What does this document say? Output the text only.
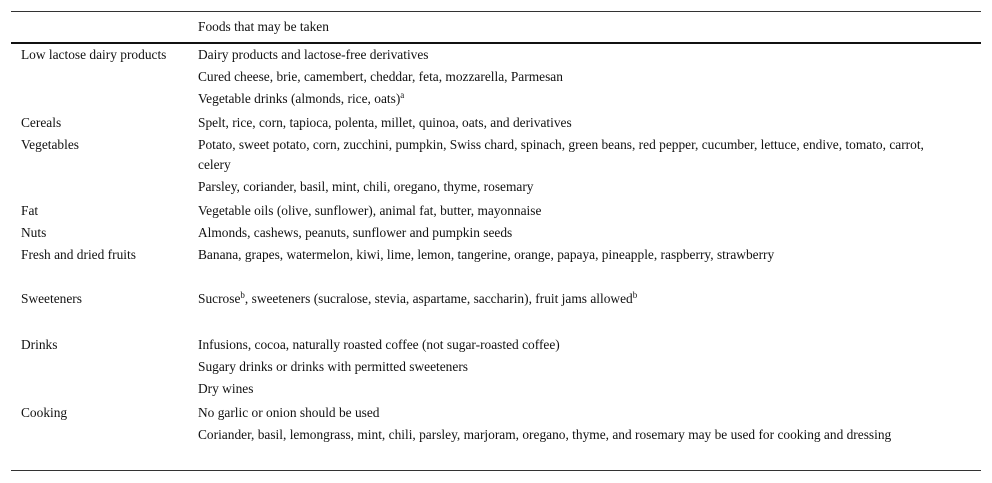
Foods that may be taken
Low lactose dairy products	Dairy products and lactose-free derivatives
Cured cheese, brie, camembert, cheddar, feta, mozzarella, Parmesan
Vegetable drinks (almonds, rice, oats)$^a$
Cereals	Spelt, rice, corn, tapioca, polenta, millet, quinoa, oats, and derivatives
Vegetables	Potato, sweet potato, corn, zucchini, pumpkin, Swiss chard, spinach, green beans, red pepper, cucumber, lettuce, endive, tomato, carrot, celery
Parsley, coriander, basil, mint, chili, oregano, thyme, rosemary
Fat	Vegetable oils (olive, sunflower), animal fat, butter, mayonnaise
Nuts	Almonds, cashews, peanuts, sunflower and pumpkin seeds
Fresh and dried fruits	Banana, grapes, watermelon, kiwi, lime, lemon, tangerine, orange, papaya, pineapple, raspberry, strawberry
Sweeteners	Sucrose$^b$, sweeteners (sucralose, stevia, aspartame, saccharin), fruit jams allowed$^b$
Drinks	Infusions, cocoa, naturally roasted coffee (not sugar-roasted coffee)
Sugary drinks or drinks with permitted sweeteners
Dry wines
Cooking	No garlic or onion should be used
Coriander, basil, lemongrass, mint, chili, parsley, marjoram, oregano, thyme, and rosemary may be used for cooking and dressing
